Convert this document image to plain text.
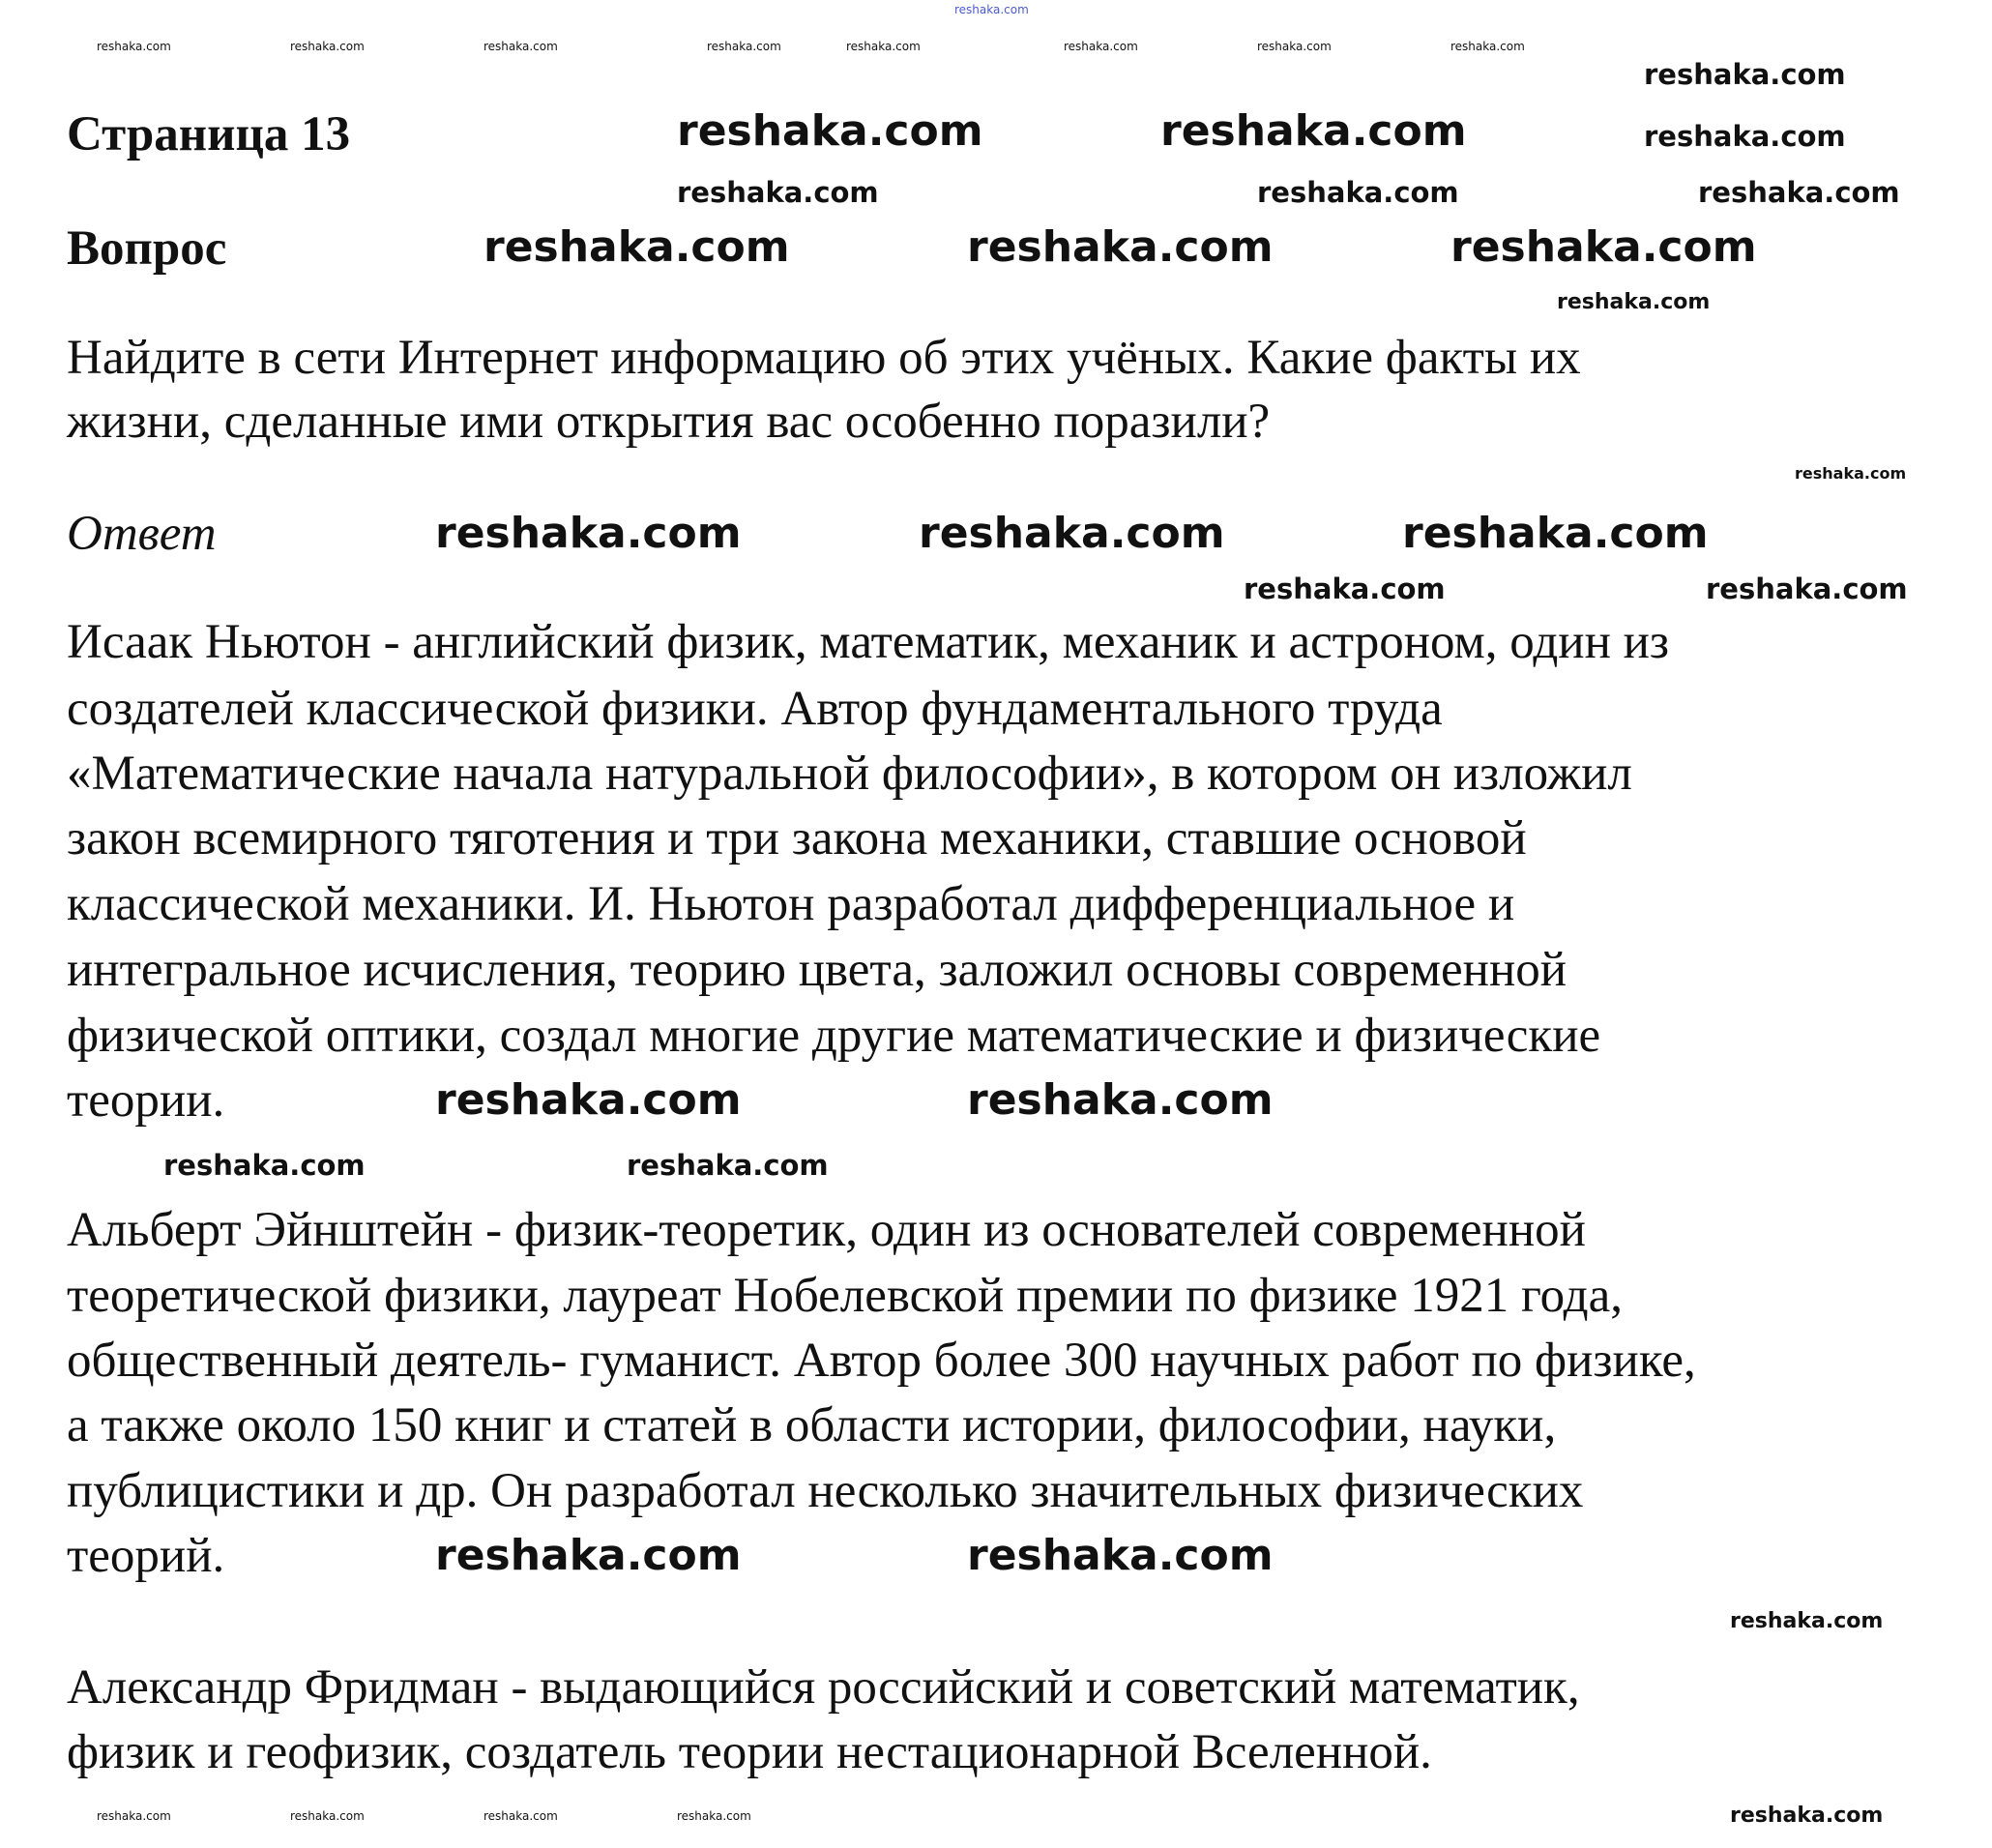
Страница 13
Вопрос
Найдите в сети Интернет информацию об этих учёных. Какие факты их
жизни, сделанные ими открытия вас особенно поразили?
Ответ
Исаак Ньютон - английский физик, математик, механик и астроном, один из
создателей классической физики. Автор фундаментального труда
«Математические начала натуральной философии», в котором он изложил
закон всемирного тяготения и три закона механики, ставшие основой
классической механики. И. Ньютон разработал дифференциальное и
интегральное исчисления, теорию цвета, заложил основы современной
физической оптики, создал многие другие математические и физические
теории.
Альберт Эйнштейн - физик-теоретик, один из основателей современной
теоретической физики, лауреат Нобелевской премии по физике 1921 года,
общественный деятель- гуманист. Автор более 300 научных работ по физике,
а также около 150 книг и статей в области истории, философии, науки,
публицистики и др. Он разработал несколько значительных физических
теорий.
Александр Фридман - выдающийся российский и советский математик,
физик и геофизик, создатель теории нестационарной Вселенной.
reshaka.com
reshaka.com	reshaka.com
reshaka.com	reshaka.com	reshaka.com
reshaka.com	reshaka.com	reshaka.com
reshaka.com	reshaka.com
reshaka.com	reshaka.com
reshaka.com
reshaka.com
reshaka.com	reshaka.com	reshaka.com
reshaka.com	reshaka.com
reshaka.com	reshaka.com
reshaka.com
reshaka.com
reshaka.com
reshaka.com
reshaka.com	reshaka.com	reshaka.com	reshaka.com	reshaka.com	reshaka.com	reshaka.com	reshaka.com
reshaka.com	reshaka.com	reshaka.com	reshaka.com
